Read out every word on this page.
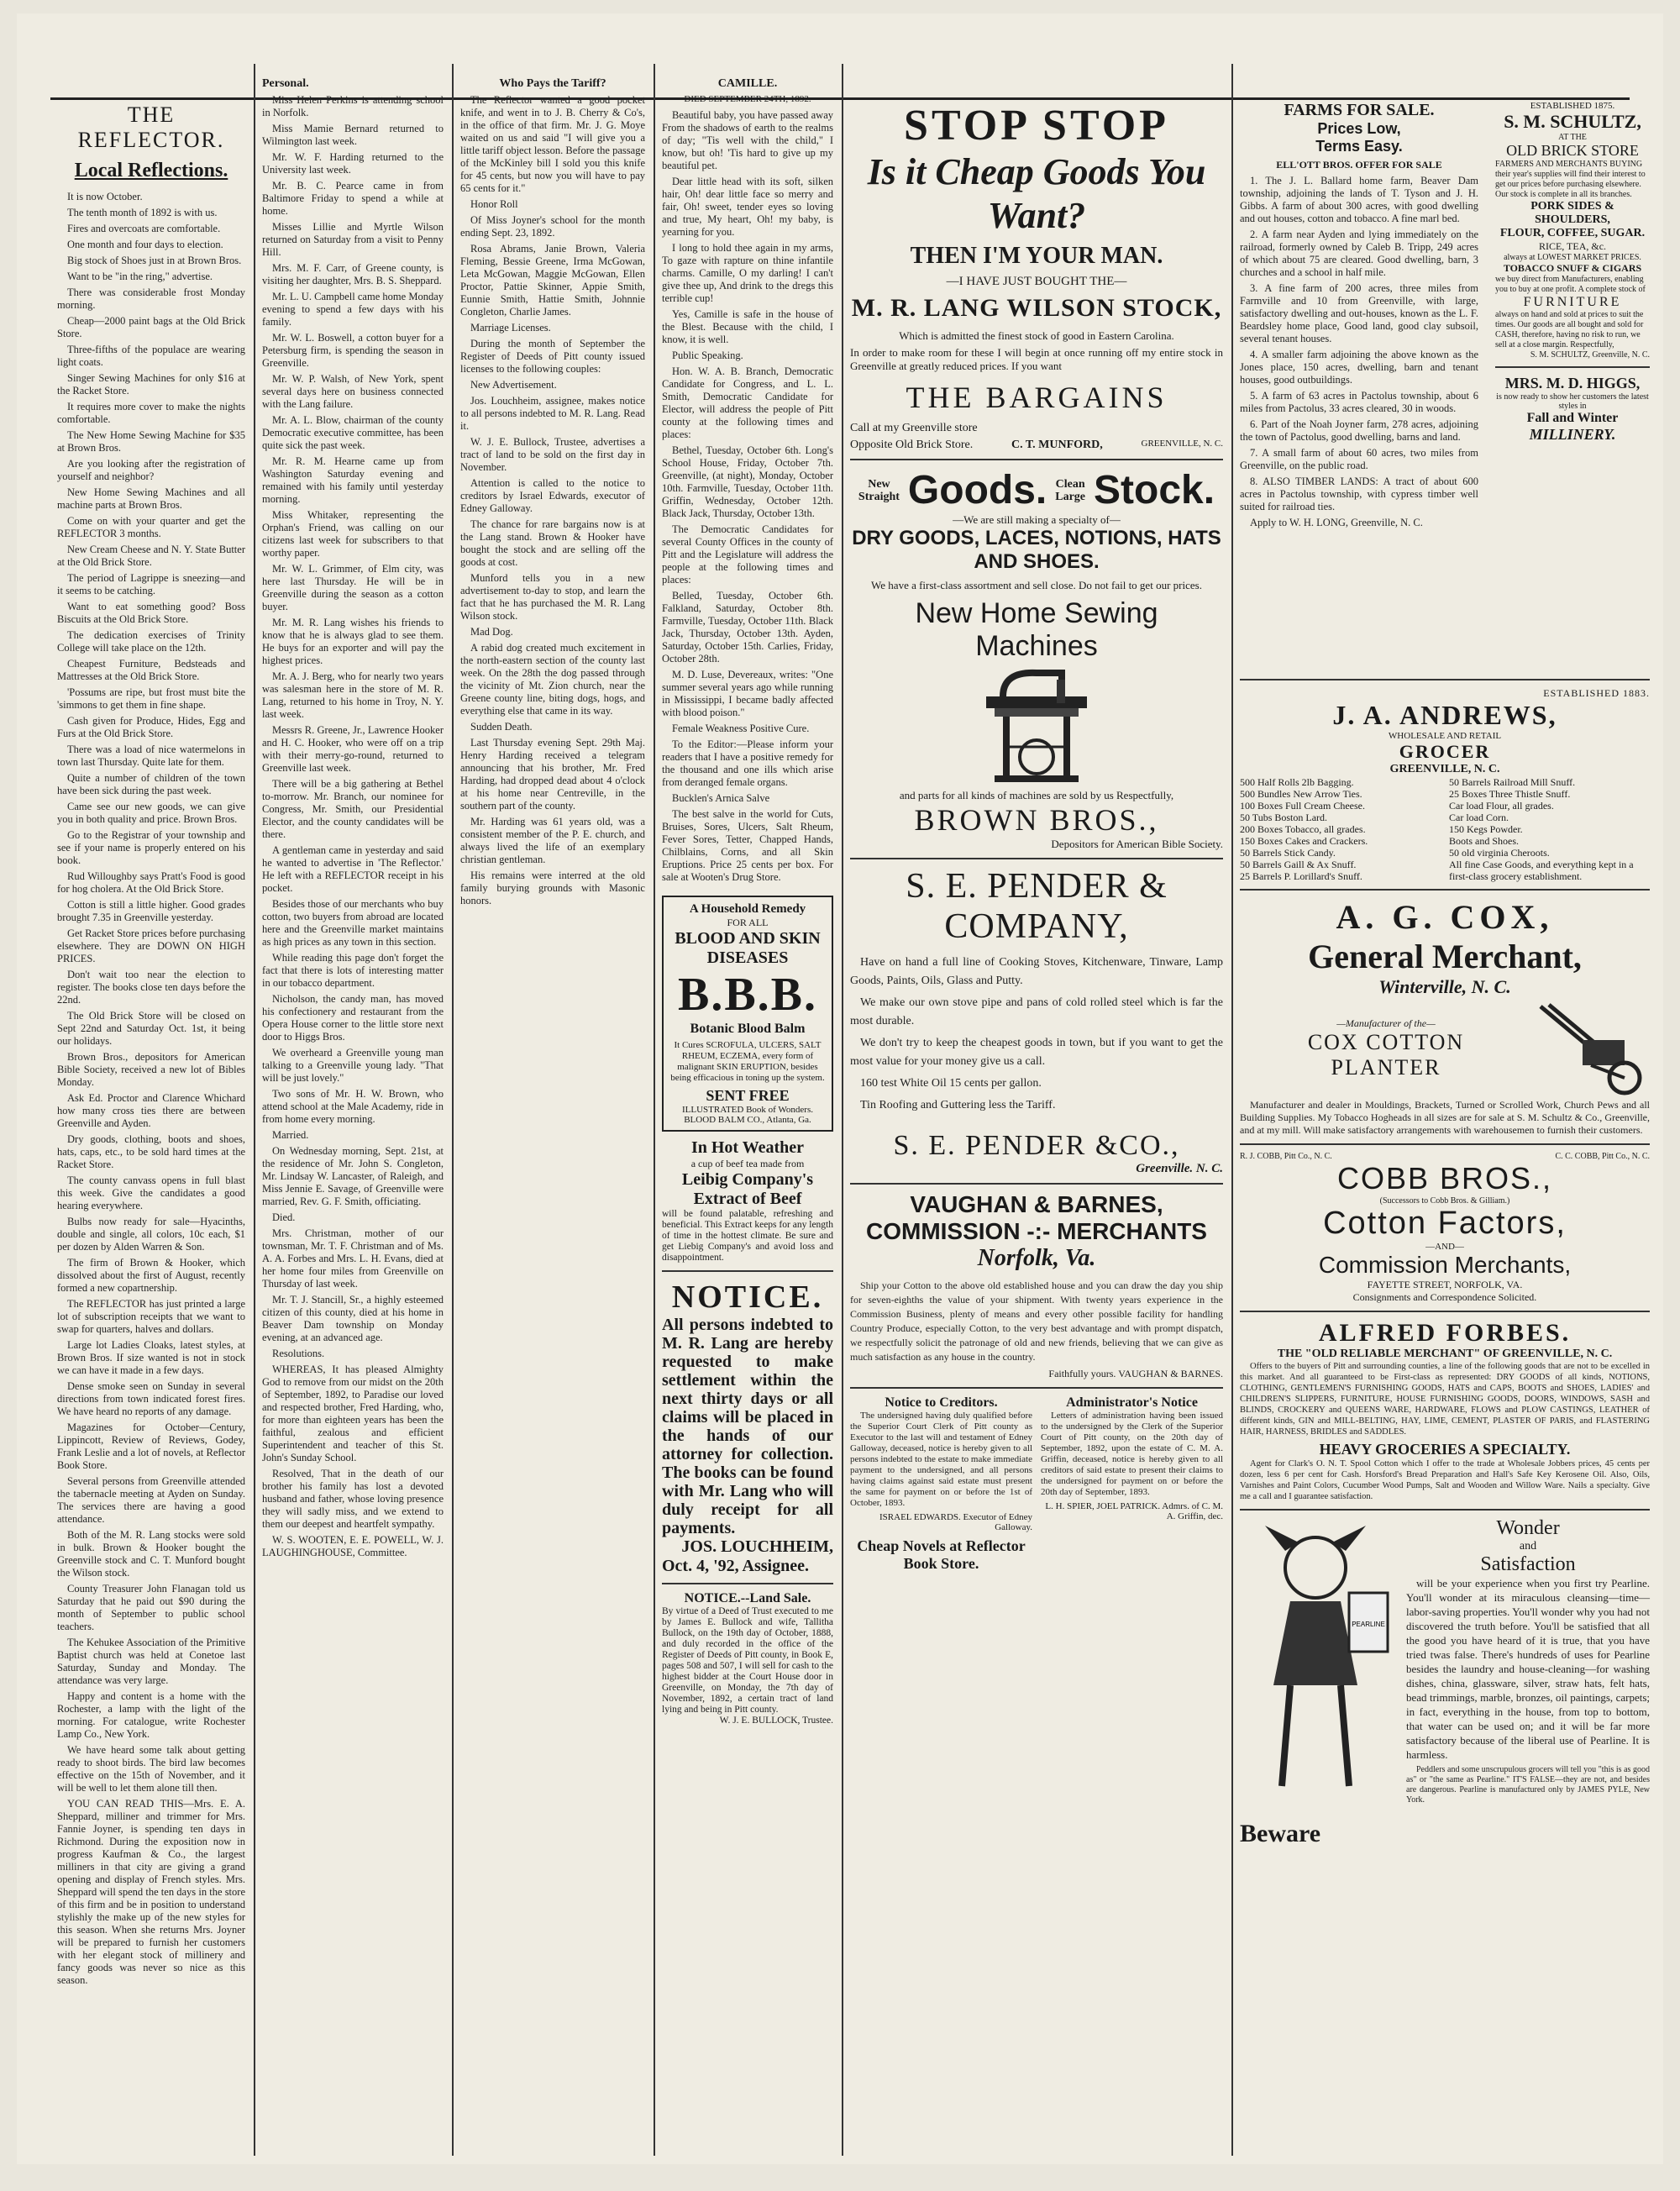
THE REFLECTOR.
Local Reflections.

It is now October.

The tenth month of 1892 is with us.

Fires and overcoats are comfortable.

One month and four days to election.

Big stock of Shoes just in at Brown Bros.

Want to be "in the ring," advertise.

There was considerable frost Monday morning.

Cheap—2000 paint bags at the Old Brick Store.

Three-fifths of the populace are wearing light coats.

Singer Sewing Machines for only $16 at the Racket Store.

It requires more cover to make the nights comfortable.

The New Home Sewing Machine for $35 at Brown Bros.

Are you looking after the registration of yourself and neighbor?

New Home Sewing Machines and all machine parts at Brown Bros.

Come on with your quarter and get the REFLECTOR 3 months.

New Cream Cheese and N. Y. State Butter at the Old Brick Store.

The period of Lagrippe is sneezing—and it seems to be catching.

Want to eat something good? Boss Biscuits at the Old Brick Store.

The dedication exercises of Trinity College will take place on the 12th.

Cheapest Furniture, Bedsteads and Mattresses at the Old Brick Store.

'Possums are ripe, but frost must bite the 'simmons to get them in fine shape.

Cash given for Produce, Hides, Egg and Furs at the Old Brick Store.

There was a load of nice watermelons in town last Thursday. Quite late for them.

Quite a number of children of the town have been sick during the past week.

Came see our new goods, we can give you in both quality and price. Brown Bros.

Go to the Registrar of your township and see if your name is properly entered on his book.

Rud Willoughby says Pratt's Food is good for hog cholera. At the Old Brick Store.

Cotton is still a little higher. Good grades brought 7.35 in Greenville yesterday.

Get Racket Store prices before purchasing elsewhere. They are DOWN ON HIGH PRICES.

Don't wait too near the election to register. The books close ten days before the 22nd.

The Old Brick Store will be closed on Sept 22nd and Saturday Oct. 1st, it being our holidays.

Brown Bros., depositors for American Bible Society, received a new lot of Bibles Monday.

Ask Ed. Proctor and Clarence Whichard how many cross ties there are between Greenville and Ayden.

Dry goods, clothing, boots and shoes, hats, caps, etc., to be sold hard times at the Racket Store.

The county canvass opens in full blast this week. Give the candidates a good hearing everywhere.

Bulbs now ready for sale—Hyacinths, double and single, all colors, 10c each, $1 per dozen by Alden Warren & Son.

The firm of Brown & Hooker, which dissolved about the first of August, recently formed a new copartnership.

The REFLECTOR has just printed a large lot of subscription receipts that we want to swap for quarters, halves and dollars.

Large lot Ladies Cloaks, latest styles, at Brown Bros. If size wanted is not in stock we can have it made in a few days.

Dense smoke seen on Sunday in several directions from town indicated forest fires. We have heard no reports of any damage.

Magazines for October—Century, Lippincott, Review of Reviews, Godey, Frank Leslie and a lot of novels, at Reflector Book Store.

Several persons from Greenville attended the tabernacle meeting at Ayden on Sunday. The services there are having a good attendance.

Both of the M. R. Lang stocks were sold in bulk. Brown & Hooker bought the Greenville stock and C. T. Munford bought the Wilson stock.

County Treasurer John Flanagan told us Saturday that he paid out $90 during the month of September to public school teachers.

The Kehukee Association of the Primitive Baptist church was held at Conetoe last Saturday, Sunday and Monday. The attendance was very large.

Happy and content is a home with the Rochester, a lamp with the light of the morning. For catalogue, write Rochester Lamp Co., New York.

We have heard some talk about getting ready to shoot birds. The bird law becomes effective on the 15th of November, and it will be well to let them alone till then.

YOU CAN READ THIS—Mrs. E. A. Sheppard, milliner and trimmer for Mrs. Fannie Joyner, is spending ten days in Richmond. During the exposition now in progress Kaufman & Co., the largest milliners in that city are giving a grand opening and display of French styles. Mrs. Sheppard will spend the ten days in the store of this firm and be in position to understand stylishly the make up of the new styles for this season. When she returns Mrs. Joyner will be prepared to furnish her customers with her elegant stock of millinery and fancy goods was never so nice as this season.

Personal.

Miss Helen Perkins is attending school in Norfolk.

Miss Mamie Bernard returned to Wilmington last week.

Mr. W. F. Harding returned to the University last week.

Mr. B. C. Pearce came in from Baltimore Friday to spend a while at home.

Misses Lillie and Myrtle Wilson returned on Saturday from a visit to Penny Hill.

Mrs. M. F. Carr, of Greene county, is visiting her daughter, Mrs. B. S. Sheppard.

Mr. L. U. Campbell came home Monday evening to spend a few days with his family.

Mr. W. L. Boswell, a cotton buyer for a Petersburg firm, is spending the season in Greenville.

Mr. W. P. Walsh, of New York, spent several days here on business connected with the Lang failure.

Mr. A. L. Blow, chairman of the county Democratic executive committee, has been quite sick the past week.

Mr. R. M. Hearne came up from Washington Saturday evening and remained with his family until yesterday morning.

Miss Whitaker, representing the Orphan's Friend, was calling on our citizens last week for subscribers to that worthy paper.

Mr. W. L. Grimmer, of Elm city, was here last Thursday. He will be in Greenville during the season as a cotton buyer.

Mr. M. R. Lang wishes his friends to know that he is always glad to see them. He buys for an exporter and will pay the highest prices.

Mr. A. J. Berg, who for nearly two years was salesman here in the store of M. R. Lang, returned to his home in Troy, N. Y. last week.

Messrs R. Greene, Jr., Lawrence Hooker and H. C. Hooker, who were off on a trip with their merry-go-round, returned to Greenville last week.

There will be a big gathering at Bethel to-morrow. Mr. Branch, our nominee for Congress, Mr. Smith, our Presidential Elector, and the county candidates will be there.

A gentleman came in yesterday and said he wanted to advertise in 'The Reflector.' He left with a REFLECTOR receipt in his pocket.

Besides those of our merchants who buy cotton, two buyers from abroad are located here and the Greenville market maintains as high prices as any town in this section.

While reading this page don't forget the fact that there is lots of interesting matter in our tobacco department.

Nicholson, the candy man, has moved his confectionery and restaurant from the Opera House corner to the little store next door to Higgs Bros.

We overheard a Greenville young man talking to a Greenville young lady. "That will be just lovely."

Two sons of Mr. H. W. Brown, who attend school at the Male Academy, ride in from home every morning.

Married.

On Wednesday morning, Sept. 21st, at the residence of Mr. John S. Congleton, Mr. Lindsay W. Lancaster, of Raleigh, and Miss Jennie E. Savage, of Greenville were married, Rev. G. F. Smith, officiating.

Died.

Mrs. Christman, mother of our townsman, Mr. T. F. Christman and of Ms. A. A. Forbes and Mrs. L. H. Evans, died at her home four miles from Greenville on Thursday of last week.

Mr. T. J. Stancill, Sr., a highly esteemed citizen of this county, died at his home in Beaver Dam township on Monday evening, at an advanced age.

Resolutions.

WHEREAS, It has pleased Almighty God to remove from our midst on the 20th of September, 1892, to Paradise our loved and respected brother, Fred Harding, who, for more than eighteen years has been the faithful, zealous and efficient Superintendent and teacher of this St. John's Sunday School.

Resolved, That in the death of our brother his family has lost a devoted husband and father, whose loving presence they will sadly miss, and we extend to them our deepest and heartfelt sympathy.

W. S. WOOTEN, E. E. POWELL, W. J. LAUGHINGHOUSE, Committee.

Who Pays the Tariff?

The Reflector wanted a good pocket knife, and went in to J. B. Cherry & Co's, in the office of that firm. Mr. J. G. Moye waited on us and said "I will give you a little tariff object lesson. Before the passage of the McKinley bill I sold you this knife for 45 cents, but now you will have to pay 65 cents for it."

Honor Roll

Of Miss Joyner's school for the month ending Sept. 23, 1892.

Rosa Abrams, Janie Brown, Valeria Fleming, Bessie Greene, Irma McGowan, Leta McGowan, Maggie McGowan, Ellen Proctor, Pattie Skinner, Appie Smith, Eunnie Smith, Hattie Smith, Johnnie Congleton, Charlie James.

Marriage Licenses.

During the month of September the Register of Deeds of Pitt county issued licenses to the following couples:

New Advertisement.

Jos. Louchheim, assignee, makes notice to all persons indebted to M. R. Lang. Read it.

W. J. E. Bullock, Trustee, advertises a tract of land to be sold on the first day in November.

Attention is called to the notice to creditors by Israel Edwards, executor of Edney Galloway.

The chance for rare bargains now is at the Lang stand. Brown & Hooker have bought the stock and are selling off the goods at cost.

Munford tells you in a new advertisement to-day to stop, and learn the fact that he has purchased the M. R. Lang Wilson stock.

Mad Dog.

A rabid dog created much excitement in the north-eastern section of the county last week. On the 28th the dog passed through the vicinity of Mt. Zion church, near the Greene county line, biting dogs, hogs, and everything else that came in its way.

Sudden Death.

Last Thursday evening Sept. 29th Maj. Henry Harding received a telegram announcing that his brother, Mr. Fred Harding, had dropped dead about 4 o'clock at his home near Centreville, in the southern part of the county.

Mr. Harding was 61 years old, was a consistent member of the P. E. church, and always lived the life of an exemplary christian gentleman.

His remains were interred at the old family burying grounds with Masonic honors.

CAMILLE.
DIED SEPTEMBER 24TH, 1892.

Beautiful baby, you have passed away From the shadows of earth to the realms of day; "Tis well with the child," I know, but oh! 'Tis hard to give up my beautiful pet.

Dear little head with its soft, silken hair, Oh! dear little face so merry and fair, Oh! sweet, tender eyes so loving and true, My heart, Oh! my baby, is yearning for you.

I long to hold thee again in my arms, To gaze with rapture on thine infantile charms. Camille, O my darling! I can't give thee up, And drink to the dregs this terrible cup!

Yes, Camille is safe in the house of the Blest. Because with the child, I know, it is well.

Public Speaking.

Hon. W. A. B. Branch, Democratic Candidate for Congress, and L. L. Smith, Democratic Candidate for Elector, will address the people of Pitt county at the following times and places:

Bethel, Tuesday, October 6th. Long's School House, Friday, October 7th. Greenville, (at night), Monday, October 10th. Farmville, Tuesday, October 11th. Griffin, Wednesday, October 12th. Black Jack, Thursday, October 13th.

The Democratic Candidates for several County Offices in the county of Pitt and the Legislature will address the people at the following times and places:

Belled, Tuesday, October 6th. Falkland, Saturday, October 8th. Farmville, Tuesday, October 11th. Black Jack, Thursday, October 13th. Ayden, Saturday, October 15th. Carlies, Friday, October 28th.

M. D. Luse, Devereaux, writes: "One summer several years ago while running in Mississippi, I became badly affected with blood poison."

Female Weakness Positive Cure.

To the Editor:—Please inform your readers that I have a positive remedy for the thousand and one ills which arise from deranged female organs.

Bucklen's Arnica Salve

The best salve in the world for Cuts, Bruises, Sores, Ulcers, Salt Rheum, Fever Sores, Tetter, Chapped Hands, Chilblains, Corns, and all Skin Eruptions. Price 25 cents per box. For sale at Wooten's Drug Store.

A Household Remedy
FOR ALL
BLOOD AND SKIN
DISEASES
B.B.B.
Botanic Blood Balm
It Cures SCROFULA, ULCERS, SALT RHEUM, ECZEMA, every form of malignant SKIN ERUPTION, besides being efficacious in toning up the system.
SENT FREE
ILLUSTRATED Book of Wonders.
BLOOD BALM CO., Atlanta, Ga.
In Hot Weather
a cup of beef tea made from
Leibig Company's
Extract of Beef
will be found palatable, refreshing and beneficial. This Extract keeps for any length of time in the hottest climate. Be sure and get Liebig Company's and avoid loss and disappointment.
NOTICE.
All persons indebted to M. R. Lang are hereby requested to make settlement within the next thirty days or all claims will be placed in the hands of our attorney for collection. The books can be found with Mr. Lang who will duly receipt for all payments.
JOS. LOUCHHEIM,
Oct. 4, '92, Assignee.
NOTICE.--Land Sale.
By virtue of a Deed of Trust executed to me by James E. Bullock and wife, Tallitha Bullock, on the 19th day of October, 1888, and duly recorded in the office of the Register of Deeds of Pitt county, in Book E, pages 508 and 507, I will sell for cash to the highest bidder at the Court House door in Greenville, on Monday, the 7th day of November, 1892, a certain tract of land lying and being in Pitt county.
W. J. E. BULLOCK, Trustee.
STOP STOP
Is it Cheap Goods You Want?
THEN I'M YOUR MAN.
—I HAVE JUST BOUGHT THE—
M. R. LANG WILSON STOCK,
Which is admitted the finest stock of good in Eastern Carolina.
In order to make room for these I will begin at once running off my entire stock in Greenville at greatly reduced prices. If you want
THE BARGAINS
Call at my Greenville store
Opposite Old Brick Store.	C. T. MUNFORD,	GREENVILLE, N. C.
New
Straight Goods. Clean
Large Stock.
—We are still making a specialty of—
DRY GOODS, LACES, NOTIONS, HATS AND SHOES.
We have a first-class assortment and sell close. Do not fail to get our prices.
New Home Sewing Machines
and parts for all kinds of machines are sold by us Respectfully,
BROWN BROS.,
Depositors for American Bible Society.
S. E. PENDER & COMPANY,

Have on hand a full line of Cooking Stoves, Kitchenware, Tinware, Lamp Goods, Paints, Oils, Glass and Putty.

We make our own stove pipe and pans of cold rolled steel which is far the most durable.

We don't try to keep the cheapest goods in town, but if you want to get the most value for your money give us a call.

160 test White Oil 15 cents per gallon.

Tin Roofing and Guttering less the Tariff.

S. E. PENDER &CO.,
Greenville. N. C.
VAUGHAN & BARNES,
COMMISSION -:- MERCHANTS
Norfolk, Va.

Ship your Cotton to the above old established house and you can draw the day you ship for seven-eighths the value of your shipment. With twenty years experience in the Commission Business, plenty of means and every other possible facility for handling Country Produce, especially Cotton, to the very best advantage and with prompt dispatch, we respectfully solicit the patronage of old and new friends, believing that we can give as much satisfaction as any house in the country.

Faithfully yours. VAUGHAN & BARNES.
Notice to Creditors.

The undersigned having duly qualified before the Superior Court Clerk of Pitt county as Executor to the last will and testament of Edney Galloway, deceased, notice is hereby given to all persons indebted to the estate to make immediate payment to the undersigned, and all persons having claims against said estate must present the same for payment on or before the 1st of October, 1893.

ISRAEL EDWARDS. Executor of Edney Galloway.
Cheap Novels at Reflector Book Store.
Administrator's Notice

Letters of administration having been issued to the undersigned by the Clerk of the Superior Court of Pitt county, on the 20th day of September, 1892, upon the estate of C. M. A. Griffin, deceased, notice is hereby given to all creditors of said estate to present their claims to the undersigned for payment on or before the 20th day of September, 1893.

L. H. SPIER, JOEL PATRICK. Admrs. of C. M. A. Griffin, dec.
FARMS FOR SALE.
Prices Low,
Terms Easy.
ELL'OTT BROS. OFFER FOR SALE

1. The J. L. Ballard home farm, Beaver Dam township, adjoining the lands of T. Tyson and J. H. Gibbs. A farm of about 300 acres, with good dwelling and out houses, cotton and tobacco. A fine marl bed.

2. A farm near Ayden and lying immediately on the railroad, formerly owned by Caleb B. Tripp, 249 acres of which about 75 are cleared. Good dwelling, barn, 3 churches and a school in half mile.

3. A fine farm of 200 acres, three miles from Farmville and 10 from Greenville, with large, satisfactory dwelling and out-houses, known as the L. F. Beardsley home place, Good land, good clay subsoil, several tenant houses.

4. A smaller farm adjoining the above known as the Jones place, 150 acres, dwelling, barn and tenant houses, good outbuildings.

5. A farm of 63 acres in Pactolus township, about 6 miles from Pactolus, 33 acres cleared, 30 in woods.

6. Part of the Noah Joyner farm, 278 acres, adjoining the town of Pactolus, good dwelling, barns and land.

7. A small farm of about 60 acres, two miles from Greenville, on the public road.

8. ALSO TIMBER LANDS: A tract of about 600 acres in Pactolus township, with cypress timber well suited for railroad ties.

Apply to W. H. LONG, Greenville, N. C.

ESTABLISHED 1875.
S. M. SCHULTZ,
AT THE
OLD BRICK STORE
FARMERS AND MERCHANTS BUYING their year's supplies will find their interest to get our prices before purchasing elsewhere. Our stock is complete in all its branches.
PORK SIDES & SHOULDERS,
FLOUR, COFFEE, SUGAR.
RICE, TEA, &c.
always at LOWEST MARKET PRICES.
TOBACCO SNUFF & CIGARS
we buy direct from Manufacturers, enabling you to buy at one profit. A complete stock of
FURNITURE
always on hand and sold at prices to suit the times. Our goods are all bought and sold for CASH, therefore, having no risk to run, we sell at a close margin. Respectfully,
S. M. SCHULTZ, Greenville, N. C.
MRS. M. D. HIGGS,
is now ready to show her customers the latest styles in
Fall and Winter
MILLINERY.
ESTABLISHED 1883.
J. A. ANDREWS,
WHOLESALE AND RETAIL
GROCER
GREENVILLE, N. C.
500 Half Rolls 2lb Bagging.
500 Bundles New Arrow Ties.
100 Boxes Full Cream Cheese.
50 Tubs Boston Lard.
200 Boxes Tobacco, all grades.
150 Boxes Cakes and Crackers.
50 Barrels Stick Candy.
50 Barrels Gaill & Ax Snuff.
25 Barrels P. Lorillard's Snuff.
50 Barrels Railroad Mill Snuff.
25 Boxes Three Thistle Snuff.
Car load Flour, all grades.
Car load Corn.
150 Kegs Powder.
Boots and Shoes.
50 old virginia Cheroots.
All fine Case Goods, and everything kept in a first-class grocery establishment.
A. G. COX,
General Merchant,
Winterville, N. C.
—Manufacturer of the—
COX COTTON
PLANTER

Manufacturer and dealer in Mouldings, Brackets, Turned or Scrolled Work, Church Pews and all Building Supplies. My Tobacco Hogheads in all sizes are for sale at S. M. Schultz & Co., Greenville, and at my mill. Will make satisfactory arrangements with warehousemen to furnish their customers.

R. J. COBB, Pitt Co., N. C.	C. C. COBB, Pitt Co., N. C.
COBB BROS.,
(Successors to Cobb Bros. & Gilliam.)
Cotton Factors,
—AND—
Commission Merchants,
FAYETTE STREET, NORFOLK, VA.
Consignments and Correspondence Solicited.
ALFRED FORBES.
THE "OLD RELIABLE MERCHANT" OF GREENVILLE, N. C.

Offers to the buyers of Pitt and surrounding counties, a line of the following goods that are not to be excelled in this market. And all guaranteed to be First-class as represented: DRY GOODS of all kinds, NOTIONS, CLOTHING, GENTLEMEN'S FURNISHING GOODS, HATS and CAPS, BOOTS and SHOES, LADIES' and CHILDREN'S SLIPPERS, FURNITURE, HOUSE FURNISHING GOODS, DOORS, WINDOWS, SASH and BLINDS, CROCKERY and QUEENS WARE, HARDWARE, FLOWS and PLOW CASTINGS, LEATHER of different kinds, GIN and MILL-BELTING, HAY, LIME, CEMENT, PLASTER OF PARIS, and FLASTERING HAIR, HARNESS, BRIDLES and SADDLES.

HEAVY GROCERIES A SPECIALTY.

Agent for Clark's O. N. T. Spool Cotton which I offer to the trade at Wholesale Jobbers prices, 45 cents per dozen, less 6 per cent for Cash. Horsford's Bread Preparation and Hall's Safe Key Kerosene Oil. Also, Oils, Varnishes and Paint Colors, Cucumber Wood Pumps, Salt and Wooden and Willow Ware. Nails a specialty. Give me a call and I guarantee satisfaction.

PEARLINE
Beware
Wonder
and
Satisfaction

will be your experience when you first try Pearline. You'll wonder at its miraculous cleansing—time—labor-saving properties. You'll wonder why you had not discovered the truth before. You'll be satisfied that all the good you have heard of it is true, that you have tried twas false. There's hundreds of uses for Pearline besides the laundry and house-cleaning—for washing dishes, china, glassware, silver, straw hats, felt hats, bead trimmings, marble, bronzes, oil paintings, carpets; in fact, everything in the house, from top to bottom, that water can be used on; and it will be far more satisfactory because of the liberal use of Pearline. It is harmless.

Peddlers and some unscrupulous grocers will tell you "this is as good as" or "the same as Pearline." IT'S FALSE—they are not, and besides are dangerous. Pearline is manufactured only by JAMES PYLE, New York.
